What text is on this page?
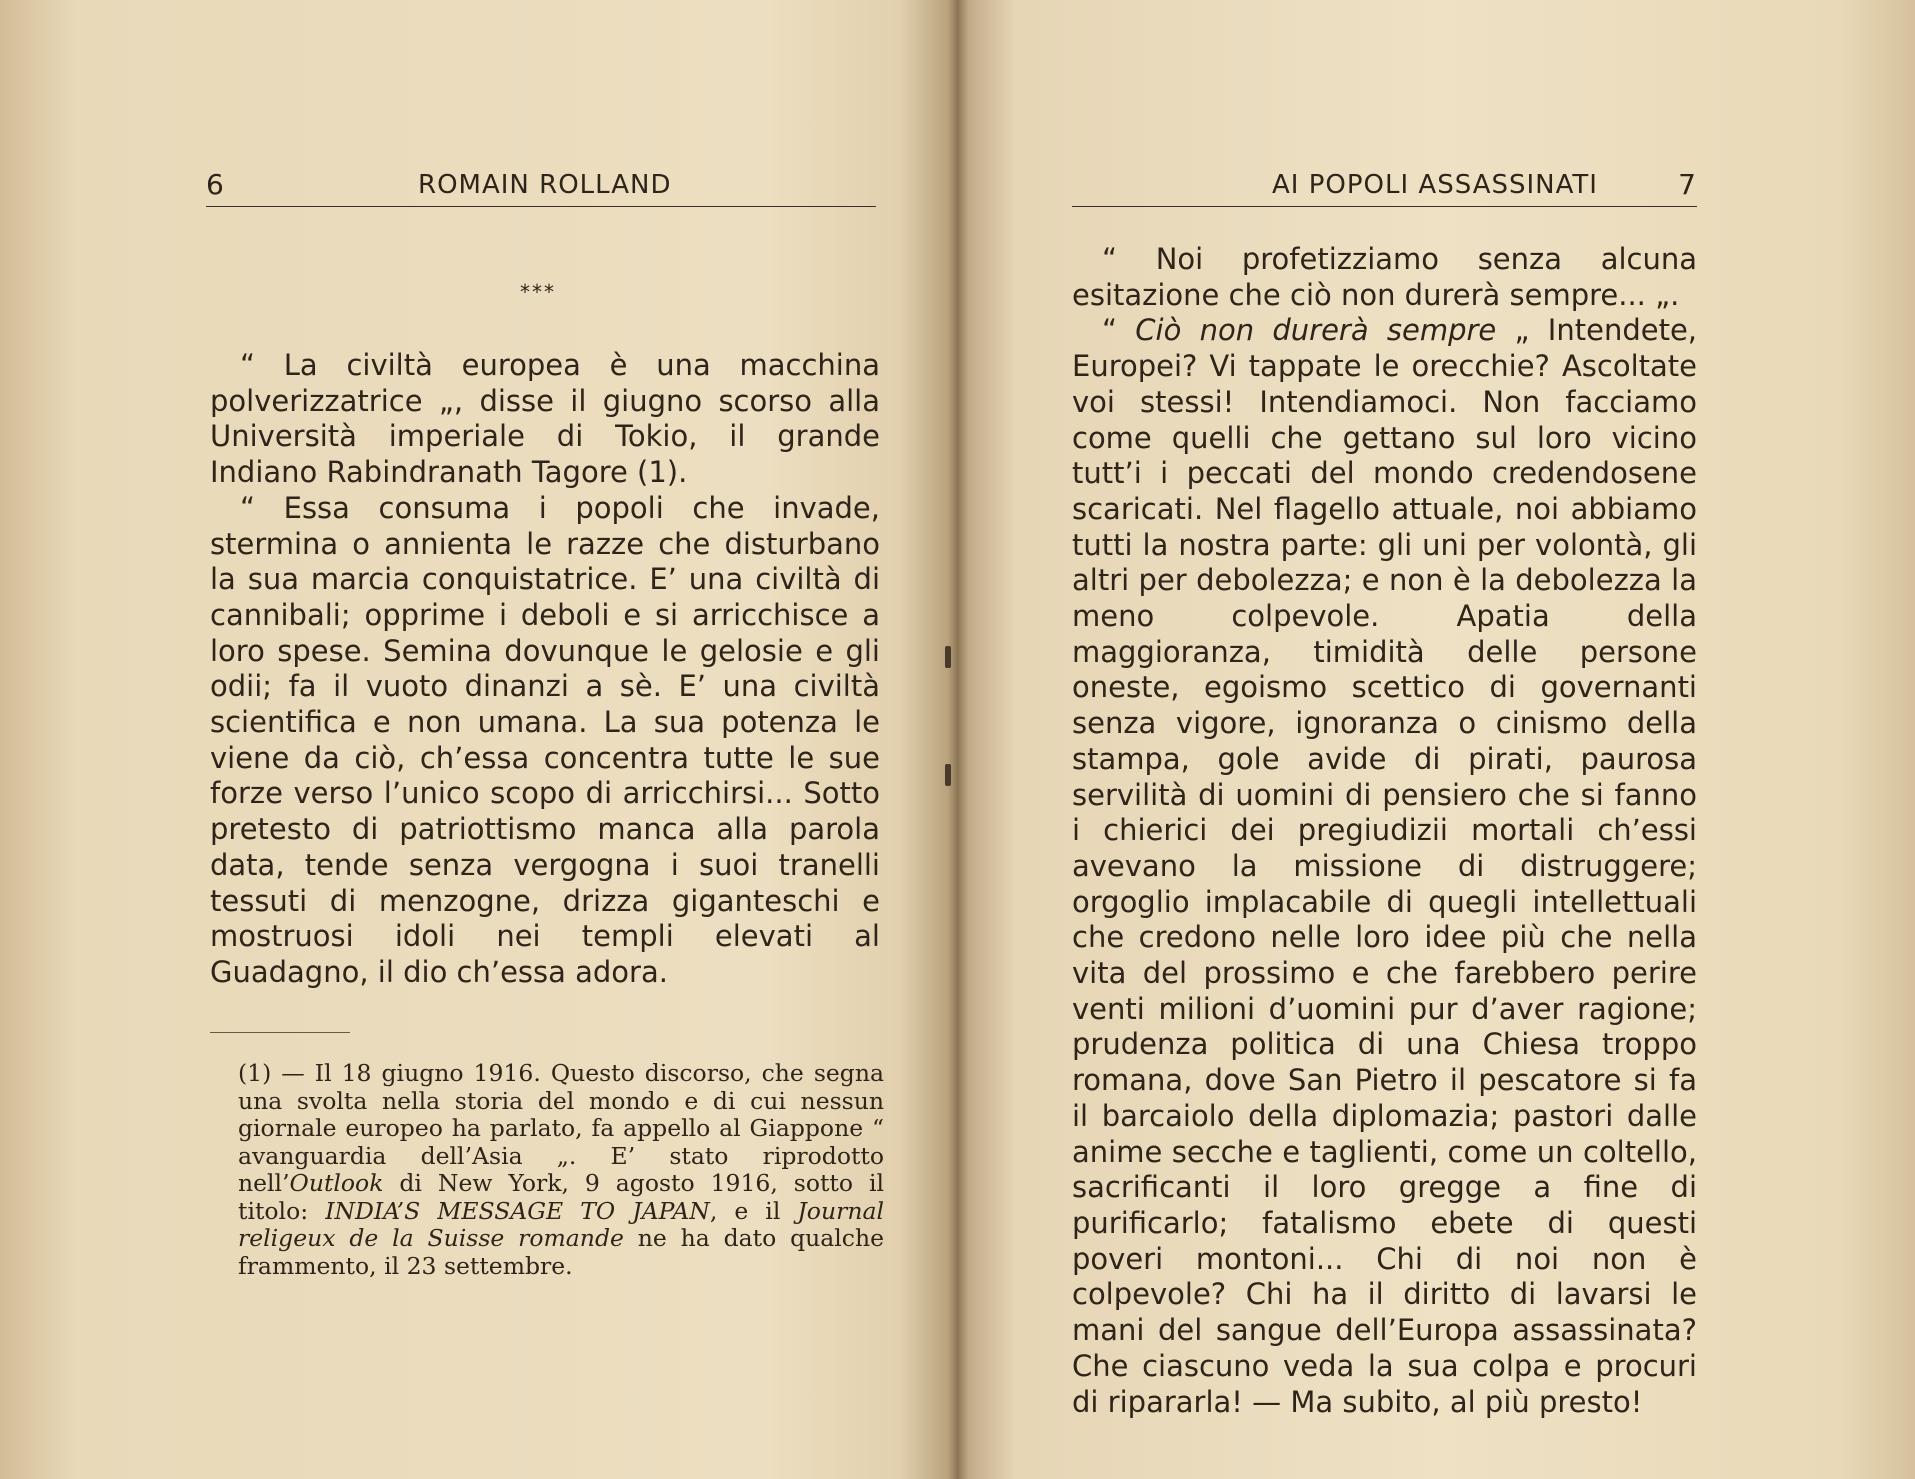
6	ROMAIN ROLLAND
***

“ La civiltà europea è una macchina polverizzatrice „, disse il giugno scorso alla Università imperiale di Tokio, il grande Indiano Rabindranath Tagore (1).

“ Essa consuma i popoli che invade, stermina o annienta le razze che disturbano la sua marcia conquistatrice. E’ una civiltà di cannibali; opprime i deboli e si arricchisce a loro spese. Semina dovunque le gelosie e gli odii; fa il vuoto dinanzi a sè. E’ una civiltà scientifica e non umana. La sua potenza le viene da ciò, ch’essa concentra tutte le sue forze verso l’unico scopo di arricchirsi... Sotto pretesto di patriottismo manca alla parola data, tende senza vergogna i suoi tranelli tessuti di menzogne, drizza giganteschi e mostruosi idoli nei templi elevati al Guadagno, il dio ch’essa adora.

(1) — Il 18 giugno 1916. Questo discorso, che segna una svolta nella storia del mondo e di cui nessun giornale europeo ha parlato, fa appello al Giappone “ avanguardia dell’Asia „. E’ stato riprodotto nell’Outlook di New York, 9 agosto 1916, sotto il titolo: INDIA’S MESSAGE TO JAPAN, e il Journal religeux de la Suisse romande ne ha dato qualche frammento, il 23 settembre.

AI POPOLI ASSASSINATI	7

“ Noi profetizziamo senza alcuna esitazione che ciò non durerà sempre... „.

“ Ciò non durerà sempre „ Intendete, Europei? Vi tappate le orecchie? Ascoltate voi stessi! Intendiamoci. Non facciamo come quelli che gettano sul loro vicino tutt’i i peccati del mondo credendosene scaricati. Nel flagello attuale, noi abbiamo tutti la nostra parte: gli uni per volontà, gli altri per debolezza; e non è la debolezza la meno colpevole. Apatia della maggioranza, timidità delle persone oneste, egoismo scettico di governanti senza vigore, ignoranza o cinismo della stampa, gole avide di pirati, paurosa servilità di uomini di pensiero che si fanno i chierici dei pregiudizii mortali ch’essi avevano la missione di distruggere; orgoglio implacabile di quegli intellettuali che credono nelle loro idee più che nella vita del prossimo e che farebbero perire venti milioni d’uomini pur d’aver ragione; prudenza politica di una Chiesa troppo romana, dove San Pietro il pescatore si fa il barcaiolo della diplomazia; pastori dalle anime secche e taglienti, come un coltello, sacrificanti il loro gregge a fine di purificarlo; fatalismo ebete di questi poveri montoni... Chi di noi non è colpevole? Chi ha il diritto di lavarsi le mani del sangue dell’Europa assassinata? Che ciascuno veda la sua colpa e procuri di ripararla! — Ma subito, al più presto!
